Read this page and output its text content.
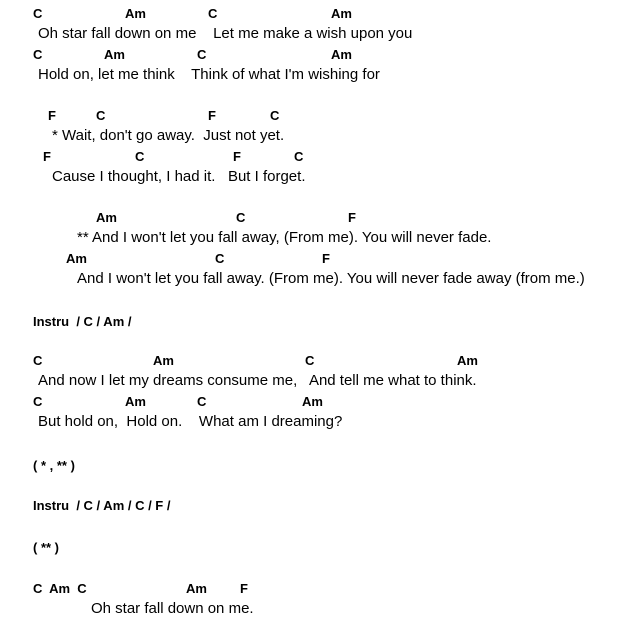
C	Am	C	Am
Oh star fall down on me    Let me make a wish upon you
C	Am	C	Am
Hold on, let me think    Think of what I'm wishing for
F	C	F	C
* Wait, don't go away.  Just not yet.
F	C	F	C
Cause I thought, I had it.   But I forget.
Am	C	F
** And I won't let you fall away, (From me). You will never fade.
Am	C	F
And I won't let you fall away. (From me). You will never fade away (from me.)
Instru  / C / Am /
C	Am	C	Am
And now I let my dreams consume me,   And tell me what to think.
C	Am	C	Am
But hold on,  Hold on.    What am I dreaming?
( * , ** )
Instru  / C / Am / C / F /
( ** )
C  Am  C	Am	F
Oh star fall down on me.
